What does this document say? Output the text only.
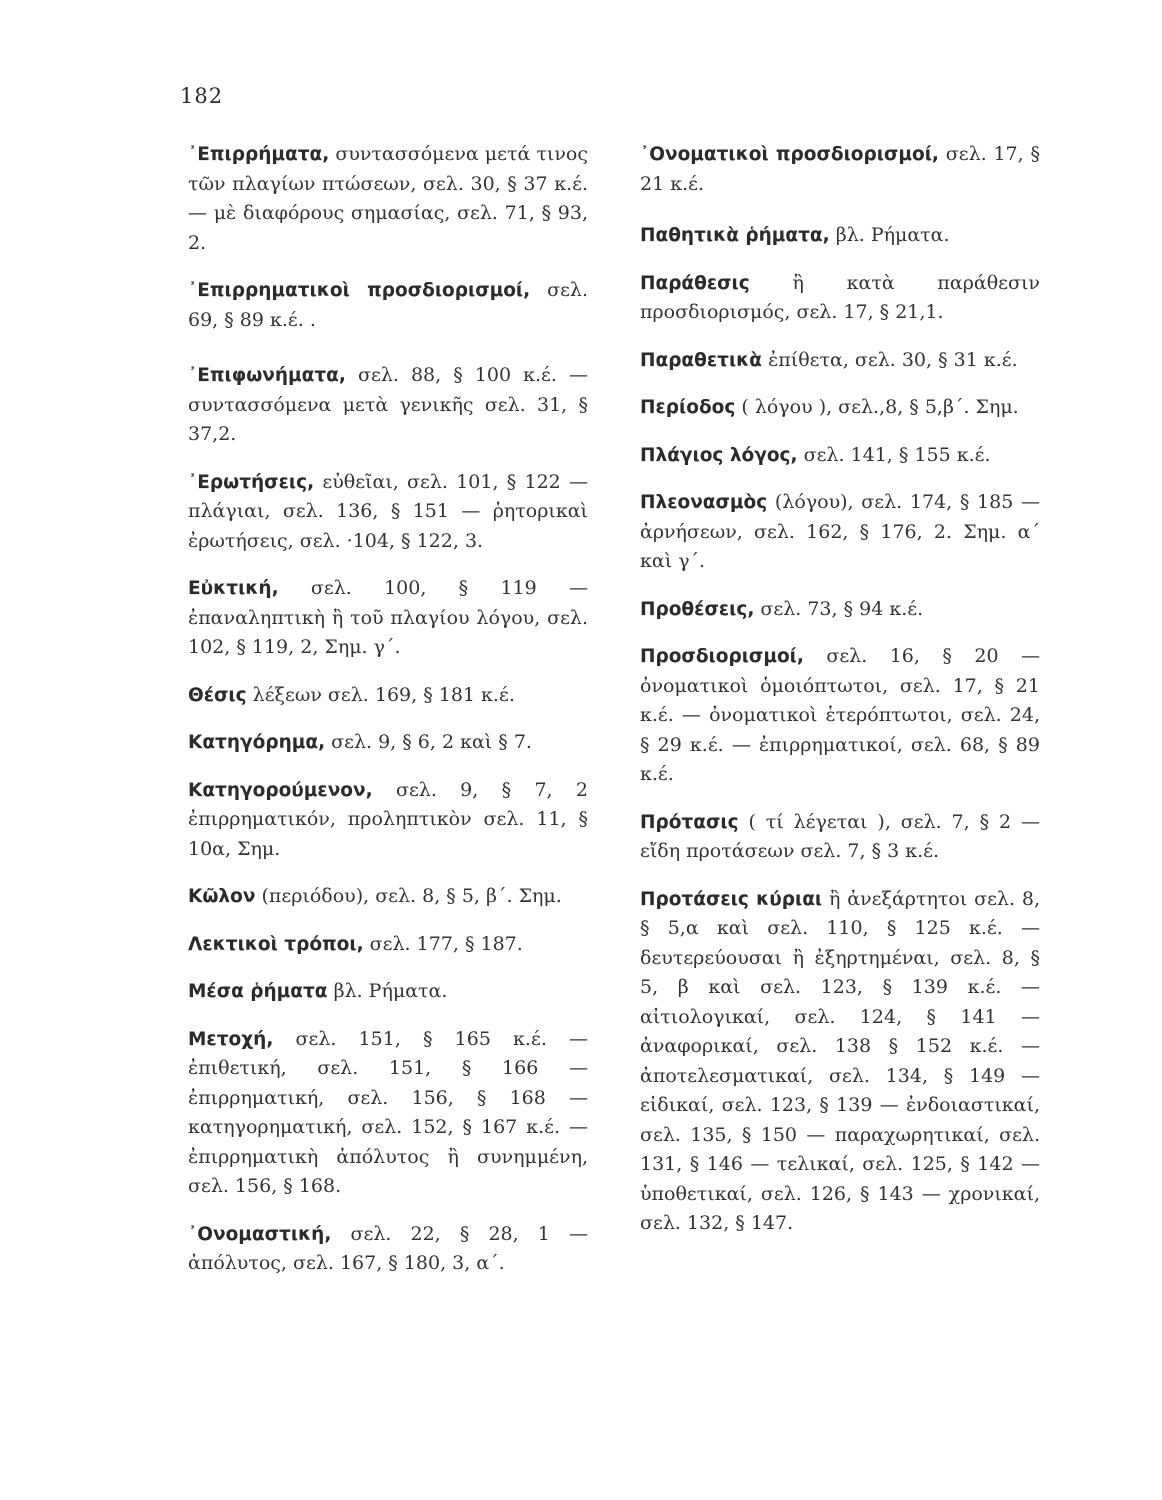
182

᾿Επιρρήματα, συντασσόμενα μετά τινος τῶν πλαγίων πτώσεων, σελ. 30, § 37 κ.έ. — μὲ διαφόρους σημασίας, σελ. 71, § 93, 2.

᾿Επιρρηματικοὶ προσδιορισμοί, σελ. 69, § 89 κ.έ. .

᾿Επιφωνήματα, σελ. 88, § 100 κ.έ. — συντασσόμενα μετὰ γενικῆς σελ. 31, § 37,2.

᾿Ερωτήσεις, εὐθεῖαι, σελ. 101, § 122 — πλάγιαι, σελ. 136, § 151 — ῥητορικαὶ ἐρωτήσεις, σελ. ·104, § 122, 3.

Εὐκτική, σελ. 100, § 119 — ἐπαναληπτικὴ ἢ τοῦ πλαγίου λόγου, σελ. 102, § 119, 2, Σημ. γ΄.

Θέσις λέξεων σελ. 169, § 181 κ.έ.

Κατηγόρημα, σελ. 9, § 6, 2 καὶ § 7.

Κατηγορούμενον, σελ. 9, § 7, 2 ἐπιρρηματικόν, προληπτικὸν σελ. 11, § 10α, Σημ.

Κῶλον (περιόδου), σελ. 8, § 5, β΄. Σημ.

Λεκτικοὶ τρόποι, σελ. 177, § 187.

Μέσα ῥήματα βλ. Ρήματα.

Μετοχή, σελ. 151, § 165 κ.έ. — ἐπιθετική, σελ. 151, § 166 — ἐπιρρηματική, σελ. 156, § 168 — κατηγορηματική, σελ. 152, § 167 κ.έ. — ἐπιρρηματικὴ ἀπόλυτος ἢ συνημμένη, σελ. 156, § 168.

᾿Ονομαστική, σελ. 22, § 28, 1 — ἀπόλυτος, σελ. 167, § 180, 3, α΄.

᾿Ονοματικοὶ προσδιορισμοί, σελ. 17, § 21 κ.έ.

Παθητικὰ ῥήματα, βλ. Ρήματα.

Παράθεσις ἢ κατὰ παράθεσιν προσδιορισμός, σελ. 17, § 21,1.

Παραθετικὰ ἐπίθετα, σελ. 30, § 31 κ.έ.

Περίοδος ( λόγου ), σελ.,8, § 5,β΄. Σημ.

Πλάγιος λόγος, σελ. 141, § 155 κ.έ.

Πλεονασμὸς (λόγου), σελ. 174, § 185 — ἀρνήσεων, σελ. 162, § 176, 2. Σημ. α΄ καὶ γ΄.

Προθέσεις, σελ. 73, § 94 κ.έ.

Προσδιορισμοί, σελ. 16, § 20 — ὀνοματικοὶ ὁμοιόπτωτοι, σελ. 17, § 21 κ.έ. — ὀνοματικοὶ ἑτερόπτωτοι, σελ. 24, § 29 κ.έ. — ἐπιρρηματικοί, σελ. 68, § 89 κ.έ.

Πρότασις ( τί λέγεται ), σελ. 7, § 2 — εἴδη προτάσεων σελ. 7, § 3 κ.έ.

Προτάσεις κύριαι ἢ ἀνεξάρτητοι σελ. 8, § 5,α καὶ σελ. 110, § 125 κ.έ. — δευτερεύουσαι ἢ ἐξηρτημέναι, σελ. 8, § 5, β καὶ σελ. 123, § 139 κ.έ. — αἰτιολογικαί, σελ. 124, § 141 — ἀναφορικαί, σελ. 138 § 152 κ.έ. — ἀποτελεσματικαί, σελ. 134, § 149 — εἰδικαί, σελ. 123, § 139 — ἐνδοιαστικαί, σελ. 135, § 150 — παραχωρητικαί, σελ. 131, § 146 — τελικαί, σελ. 125, § 142 — ὑποθετικαί, σελ. 126, § 143 — χρονικαί, σελ. 132, § 147.
